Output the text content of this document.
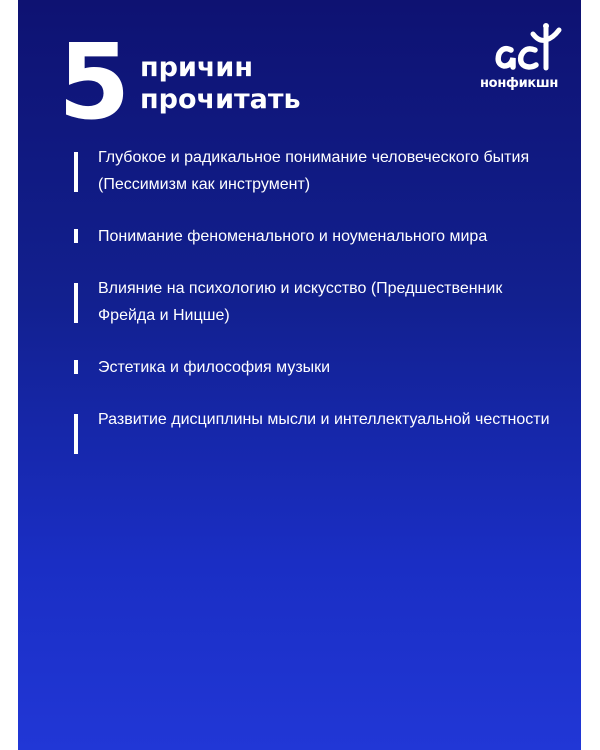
5 причин
прочитать
нонфикшн
Глубокое и радикальное понимание человеческого бытия (Пессимизм как инструмент)
Понимание феноменального и ноуменального мира
Влияние на психологию и искусство (Предшественник Фрейда и Ницше)
Эстетика и философия музыки
Развитие дисциплины мысли и интеллектуальной честности
